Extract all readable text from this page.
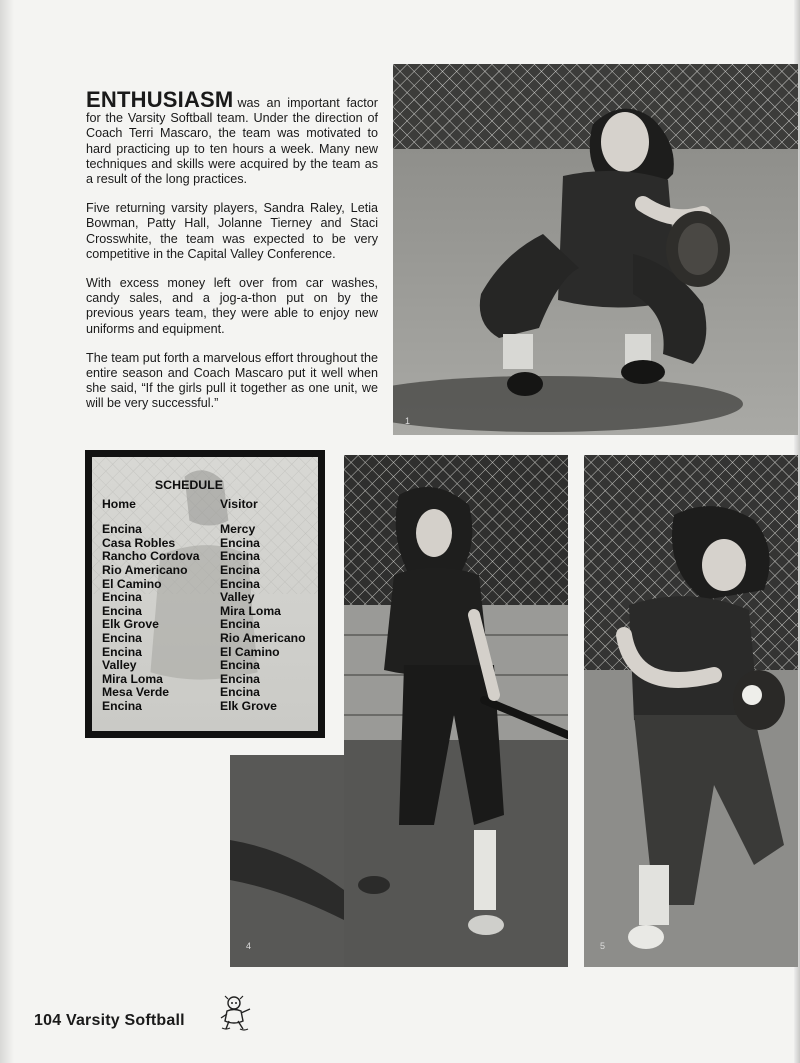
ENTHUSIASM was an important factor for the Varsity Softball team. Under the direction of Coach Terri Mascaro, the team was motivated to hard practicing up to ten hours a week. Many new techniques and skills were acquired by the team as a result of the long practices.

Five returning varsity players, Sandra Raley, Letia Bowman, Patty Hall, Jolanne Tierney and Staci Crosswhite, the team was expected to be very competitive in the Capital Valley Conference.

With excess money left over from car washes, candy sales, and a jog-a-thon put on by the previous years team, they were able to enjoy new uniforms and equipment.

The team put forth a marvelous effort throughout the entire season and Coach Mascaro put it well when she said, “If the girls pull it together as one unit, we will be very successful.”

1
4	5
SCHEDULE
Home	Visitor
Encina	Mercy
Casa Robles	Encina
Rancho Cordova	Encina
Rio Americano	Encina
El Camino	Encina
Encina	Valley
Encina	Mira Loma
Elk Grove	Encina
Encina	Rio Americano
Encina	El Camino
Valley	Encina
Mira Loma	Encina
Mesa Verde	Encina
Encina	Elk Grove
104 Varsity Softball
